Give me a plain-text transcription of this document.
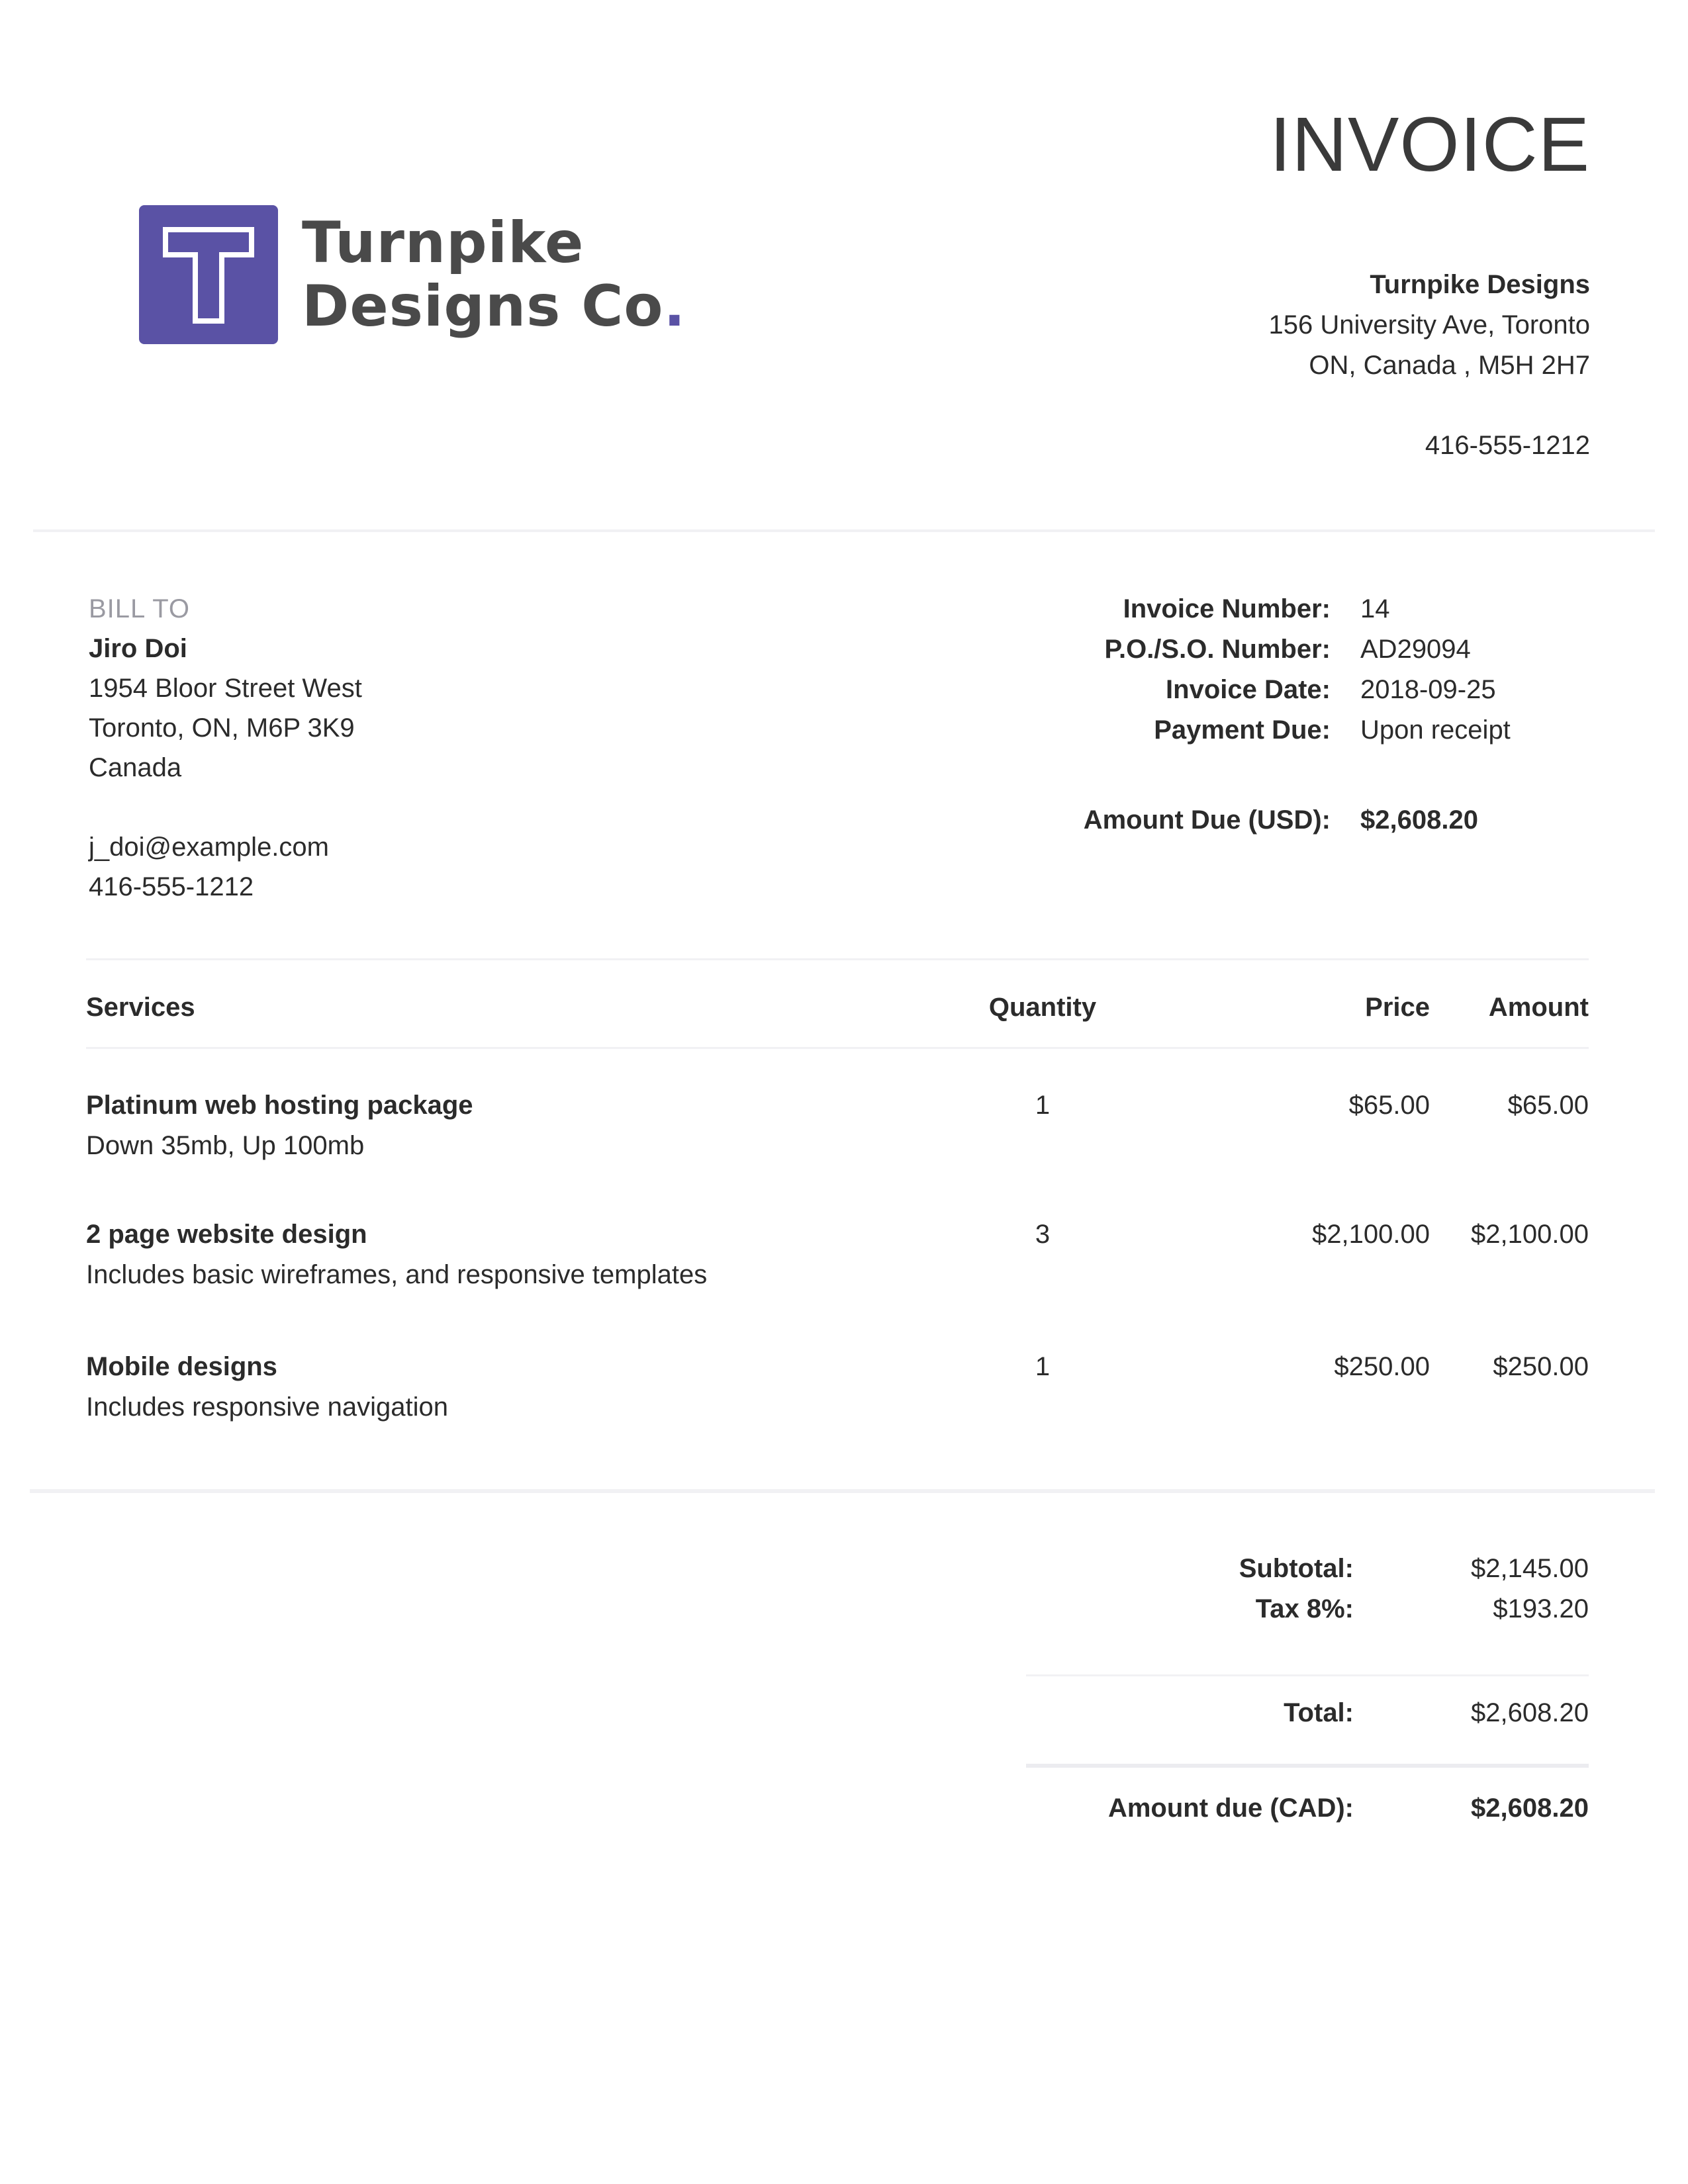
INVOICE
Turnpike
Designs Co.	Turnpike Designs
156 University Ave, Toronto
ON, Canada , M5H 2H7
416-555-1212
BILL TO
Jiro Doi
1954 Bloor Street West
Toronto, ON, M6P 3K9
Canada
j_doi@example.com
416-555-1212
Invoice Number:	14
P.O./S.O. Number:	AD29094
Invoice Date:	2018-09-25
Payment Due:	Upon receipt
Amount Due (USD):	$2,608.20
Services	Quantity	Price	Amount
Platinum web hosting package
Down 35mb, Up 100mb
1	$65.00	$65.00
2 page website design
Includes basic wireframes, and responsive templates
3	$2,100.00	$2,100.00
Mobile designs
Includes responsive navigation
1	$250.00	$250.00
Subtotal:	$2,145.00
Tax 8%:	$193.20
Total:	$2,608.20
Amount due (CAD):	$2,608.20
